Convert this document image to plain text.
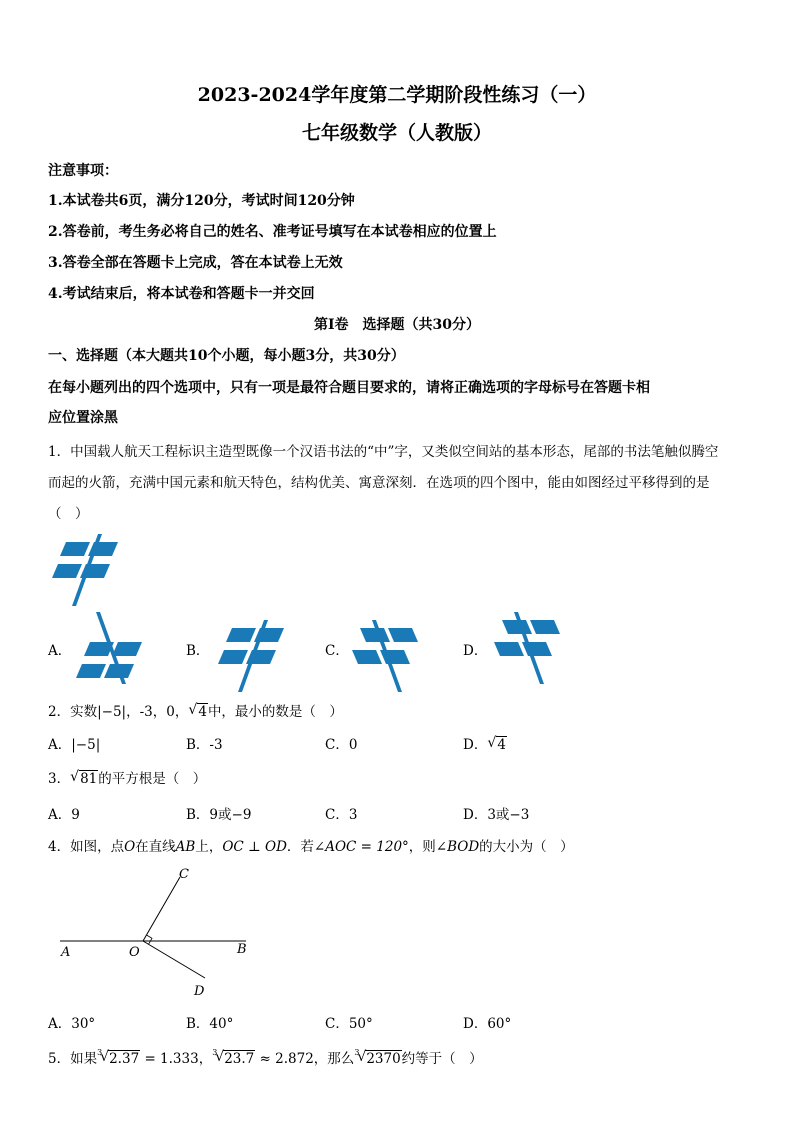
2023-2024学年度第二学期阶段性练习（一）
七年级数学（人教版）
注意事项：
1.本试卷共6页，满分120分，考试时间120分钟
2.答卷前，考生务必将自己的姓名、准考证号填写在本试卷相应的位置上
3.答卷全部在答题卡上完成，答在本试卷上无效
4.考试结束后，将本试卷和答题卡一并交回
第Ⅰ卷　选择题（共30分）
一、选择题（本大题共10个小题，每小题3分，共30分）
在每小题列出的四个选项中，只有一项是最符合题目要求的，请将正确选项的字母标号在答题卡相
应位置涂黑
1．中国载人航天工程标识主造型既像一个汉语书法的“中”字，又类似空间站的基本形态，尾部的书法笔触似腾空
而起的火箭，充满中国元素和航天特色，结构优美、寓意深刻．在选项的四个图中，能由如图经过平移得到的是
（　）
A．	B．	C．	D．
2．实数|−5|，-3，0， √ 4中，最小的数是（　）
A．|−5|	B．-3	C．0	D． √ 4
3． √ 81的平方根是（　）
A．9	B．9或−9	C．3	D．3或−3
4．如图，点O在直线AB上，OC ⊥ OD．若∠AOC = 120°，则∠BOD的大小为（　）
A	O	B
C
D
A．30°	B．40°	C．50°	D．60°
5．如果 √ 3 2.37 = 1.333， √ 3 23.7 ≈ 2.872，那么 √ 3 2370约等于（　）
